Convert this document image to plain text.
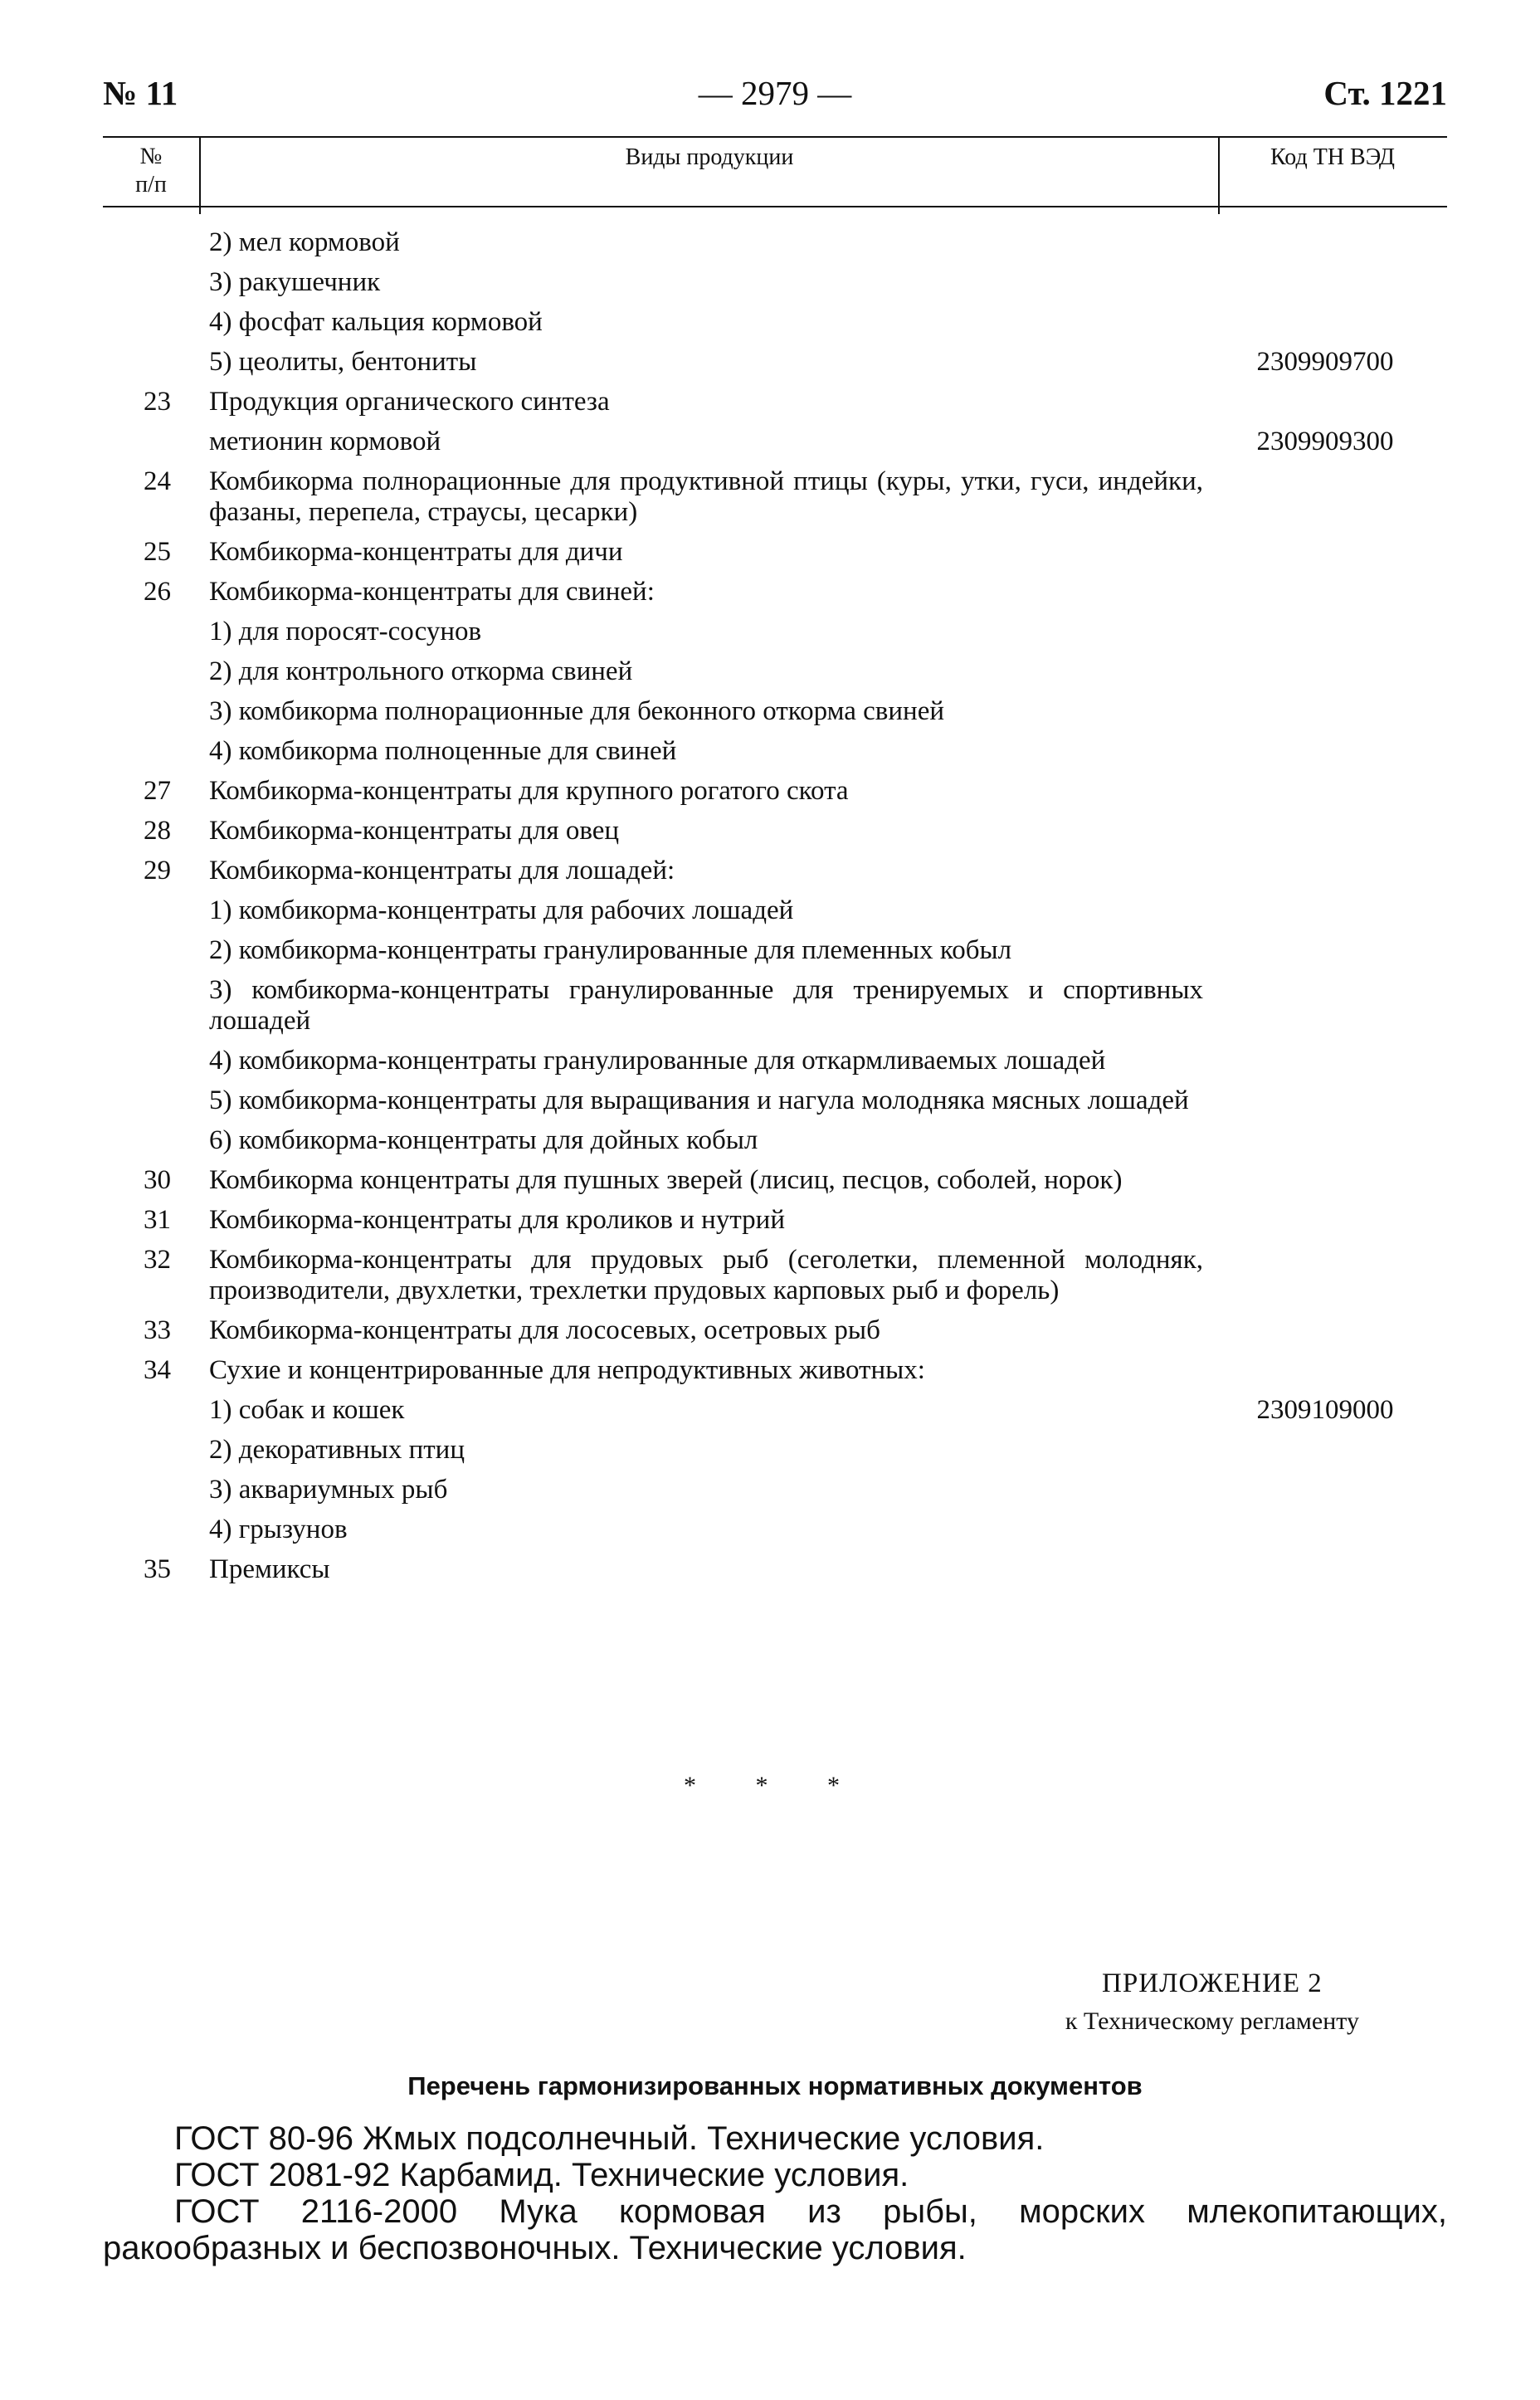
— 2979 —
№ 11	Ст. 1221
№
п/п
Виды продукции	Код ТН ВЭД
2) мел кормовой
3) ракушечник
4) фосфат кальция кормовой
5) цеолиты, бентониты	2309909700
23 Продукция органического синтеза
метионин кормовой	2309909300
24 Комбикорма полнорационные для продуктивной птицы (куры, утки, гуси, индейки, фазаны, перепела, страусы, цесарки)
25 Комбикорма-концентраты для дичи
26 Комбикорма-концентраты для свиней:
1) для поросят-сосунов
2) для контрольного откорма свиней
3) комбикорма полнорационные для беконного откорма свиней
4) комбикорма полноценные для свиней
27 Комбикорма-концентраты для крупного рогатого скота
28 Комбикорма-концентраты для овец
29 Комбикорма-концентраты для лошадей:
1) комбикорма-концентраты для рабочих лошадей
2) комбикорма-концентраты гранулированные для племенных кобыл
3) комбикорма-концентраты гранулированные для тренируемых и спортивных лошадей
4) комбикорма-концентраты гранулированные для откармливаемых лошадей
5) комбикорма-концентраты для выращивания и нагула молодняка мясных лошадей
6) комбикорма-концентраты для дойных кобыл
30 Комбикорма концентраты для пушных зверей (лисиц, песцов, соболей, норок)
31 Комбикорма-концентраты для кроликов и нутрий
32 Комбикорма-концентраты для прудовых рыб (сеголетки, племенной молодняк, производители, двухлетки, трехлетки прудовых карповых рыб и форель)
33 Комбикорма-концентраты для лососевых, осетровых рыб
34 Сухие и концентрированные для непродуктивных животных:
1) собак и кошек	2309109000
2) декоративных птиц
3) аквариумных рыб
4) грызунов
35 Премиксы
* * *
ПРИЛОЖЕНИЕ 2
к Техническому регламенту
Перечень гармонизированных нормативных документов

ГОСТ 80-96 Жмых подсолнечный. Технические условия.

ГОСТ 2081-92 Карбамид. Технические условия.

ГОСТ 2116-2000 Мука кормовая из рыбы, морских млекопитающих, ракообразных и беспозвоночных. Технические условия.
